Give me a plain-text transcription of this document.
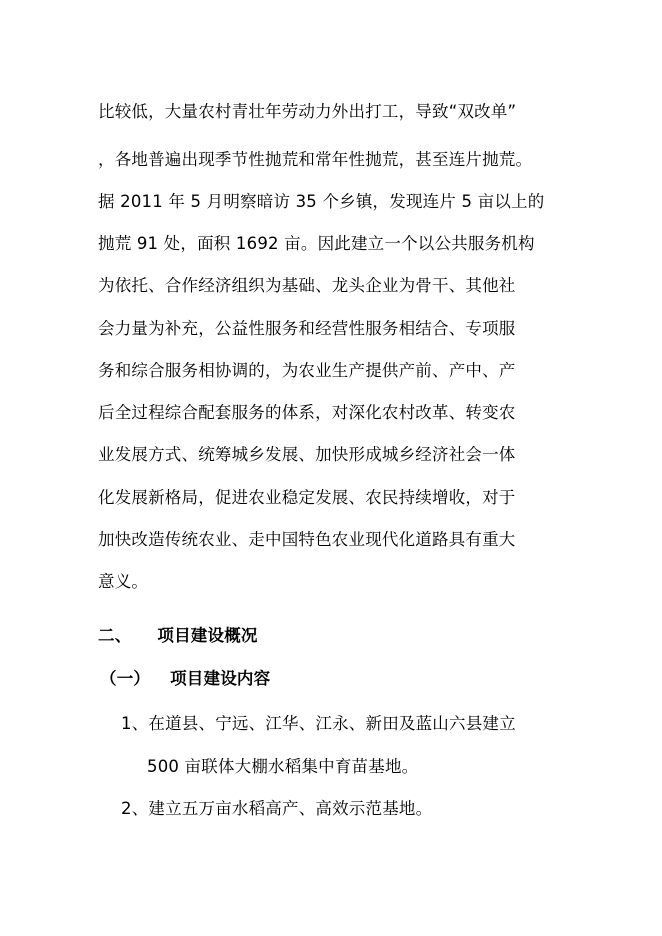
比较低，大量农村青壮年劳动力外出打工，导致“双改单”
，各地普遍出现季节性抛荒和常年性抛荒，甚至连片抛荒。
据 2011 年 5 月明察暗访 35 个乡镇，发现连片 5 亩以上的
抛荒 91 处，面积 1692 亩。因此建立一个以公共服务机构
为依托、合作经济组织为基础、龙头企业为骨干、其他社
会力量为补充，公益性服务和经营性服务相结合、专项服
务和综合服务相协调的，为农业生产提供产前、产中、产
后全过程综合配套服务的体系，对深化农村改革、转变农
业发展方式、统筹城乡发展、加快形成城乡经济社会一体
化发展新格局，促进农业稳定发展、农民持续增收，对于
加快改造传统农业、走中国特色农业现代化道路具有重大
意义。
二、 项目建设概况
（一） 项目建设内容
1、在道县、宁远、江华、江永、新田及蓝山六县建立
500 亩联体大棚水稻集中育苗基地。
2、建立五万亩水稻高产、高效示范基地。
